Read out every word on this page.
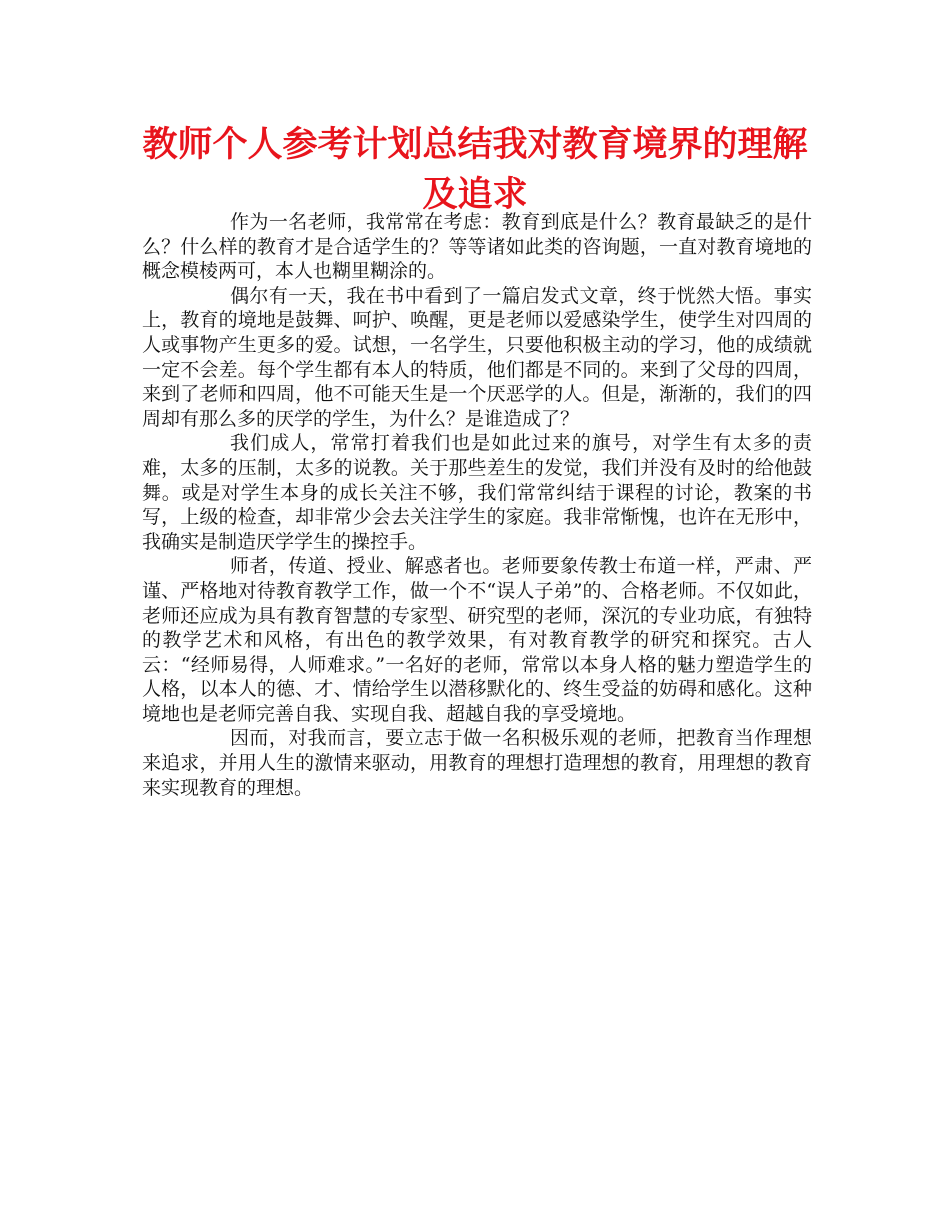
教师个人参考计划总结我对教育境界的理解及追求

作为一名老师，我常常在考虑：教育到底是什么？教育最缺乏的是什么？什么样的教育才是合适学生的？等等诸如此类的咨询题，一直对教育境地的概念模棱两可，本人也糊里糊涂的。

偶尔有一天，我在书中看到了一篇启发式文章，终于恍然大悟。事实上，教育的境地是鼓舞、呵护、唤醒，更是老师以爱感染学生，使学生对四周的人或事物产生更多的爱。试想，一名学生，只要他积极主动的学习，他的成绩就一定不会差。每个学生都有本人的特质，他们都是不同的。来到了父母的四周，来到了老师和四周，他不可能天生是一个厌恶学的人。但是，渐渐的，我们的四周却有那么多的厌学的学生，为什么？是谁造成了？

我们成人，常常打着我们也是如此过来的旗号，对学生有太多的责难，太多的压制，太多的说教。关于那些差生的发觉，我们并没有及时的给他鼓舞。或是对学生本身的成长关注不够，我们常常纠结于课程的讨论，教案的书写，上级的检查，却非常少会去关注学生的家庭。我非常惭愧，也许在无形中，我确实是制造厌学学生的操控手。

师者，传道、授业、解惑者也。老师要象传教士布道一样，严肃、严谨、严格地对待教育教学工作，做一个不“误人子弟”的、合格老师。不仅如此，老师还应成为具有教育智慧的专家型、研究型的老师，深沉的专业功底，有独特的教学艺术和风格，有出色的教学效果，有对教育教学的研究和探究。古人云：“经师易得，人师难求。”一名好的老师，常常以本身人格的魅力塑造学生的人格，以本人的德、才、情给学生以潜移默化的、终生受益的妨碍和感化。这种境地也是老师完善自我、实现自我、超越自我的享受境地。

因而，对我而言，要立志于做一名积极乐观的老师，把教育当作理想来追求，并用人生的激情来驱动，用教育的理想打造理想的教育，用理想的教育来实现教育的理想。
